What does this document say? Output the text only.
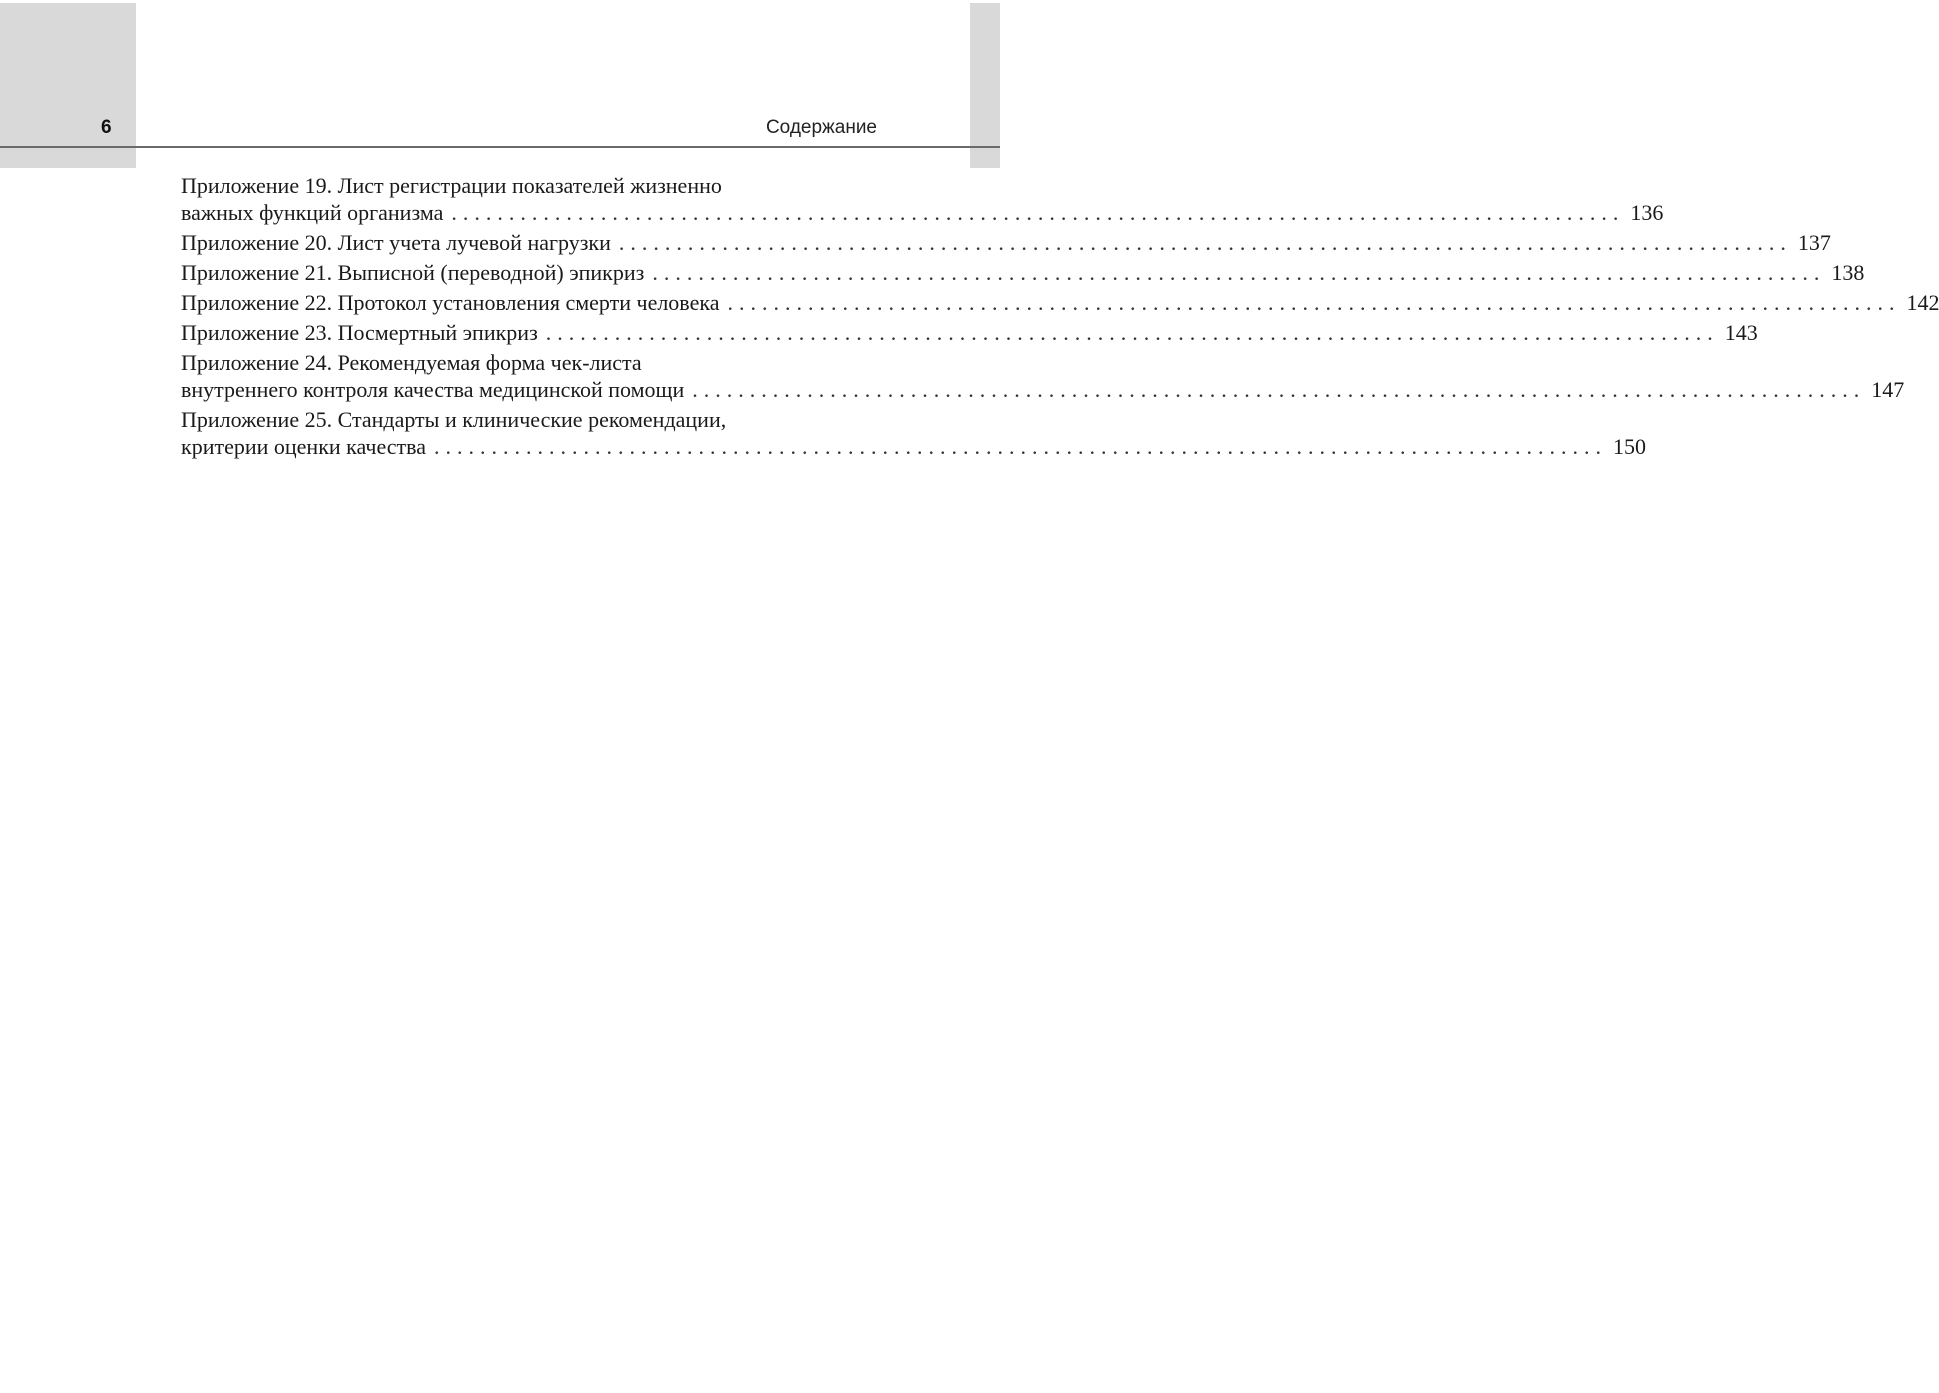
6	Содержание
Приложение 19. Лист регистрации показателей жизненно
важных функций организма ...................................................................................................... 136
Приложение 20. Лист учета лучевой нагрузки ...................................................................................................... 137
Приложение 21. Выписной (переводной) эпикриз ...................................................................................................... 138
Приложение 22. Протокол установления смерти человека ...................................................................................................... 142
Приложение 23. Посмертный эпикриз ...................................................................................................... 143
Приложение 24. Рекомендуемая форма чек-листа
внутреннего контроля качества медицинской помощи ...................................................................................................... 147
Приложение 25. Стандарты и клинические рекомендации,
критерии оценки качества ...................................................................................................... 150
